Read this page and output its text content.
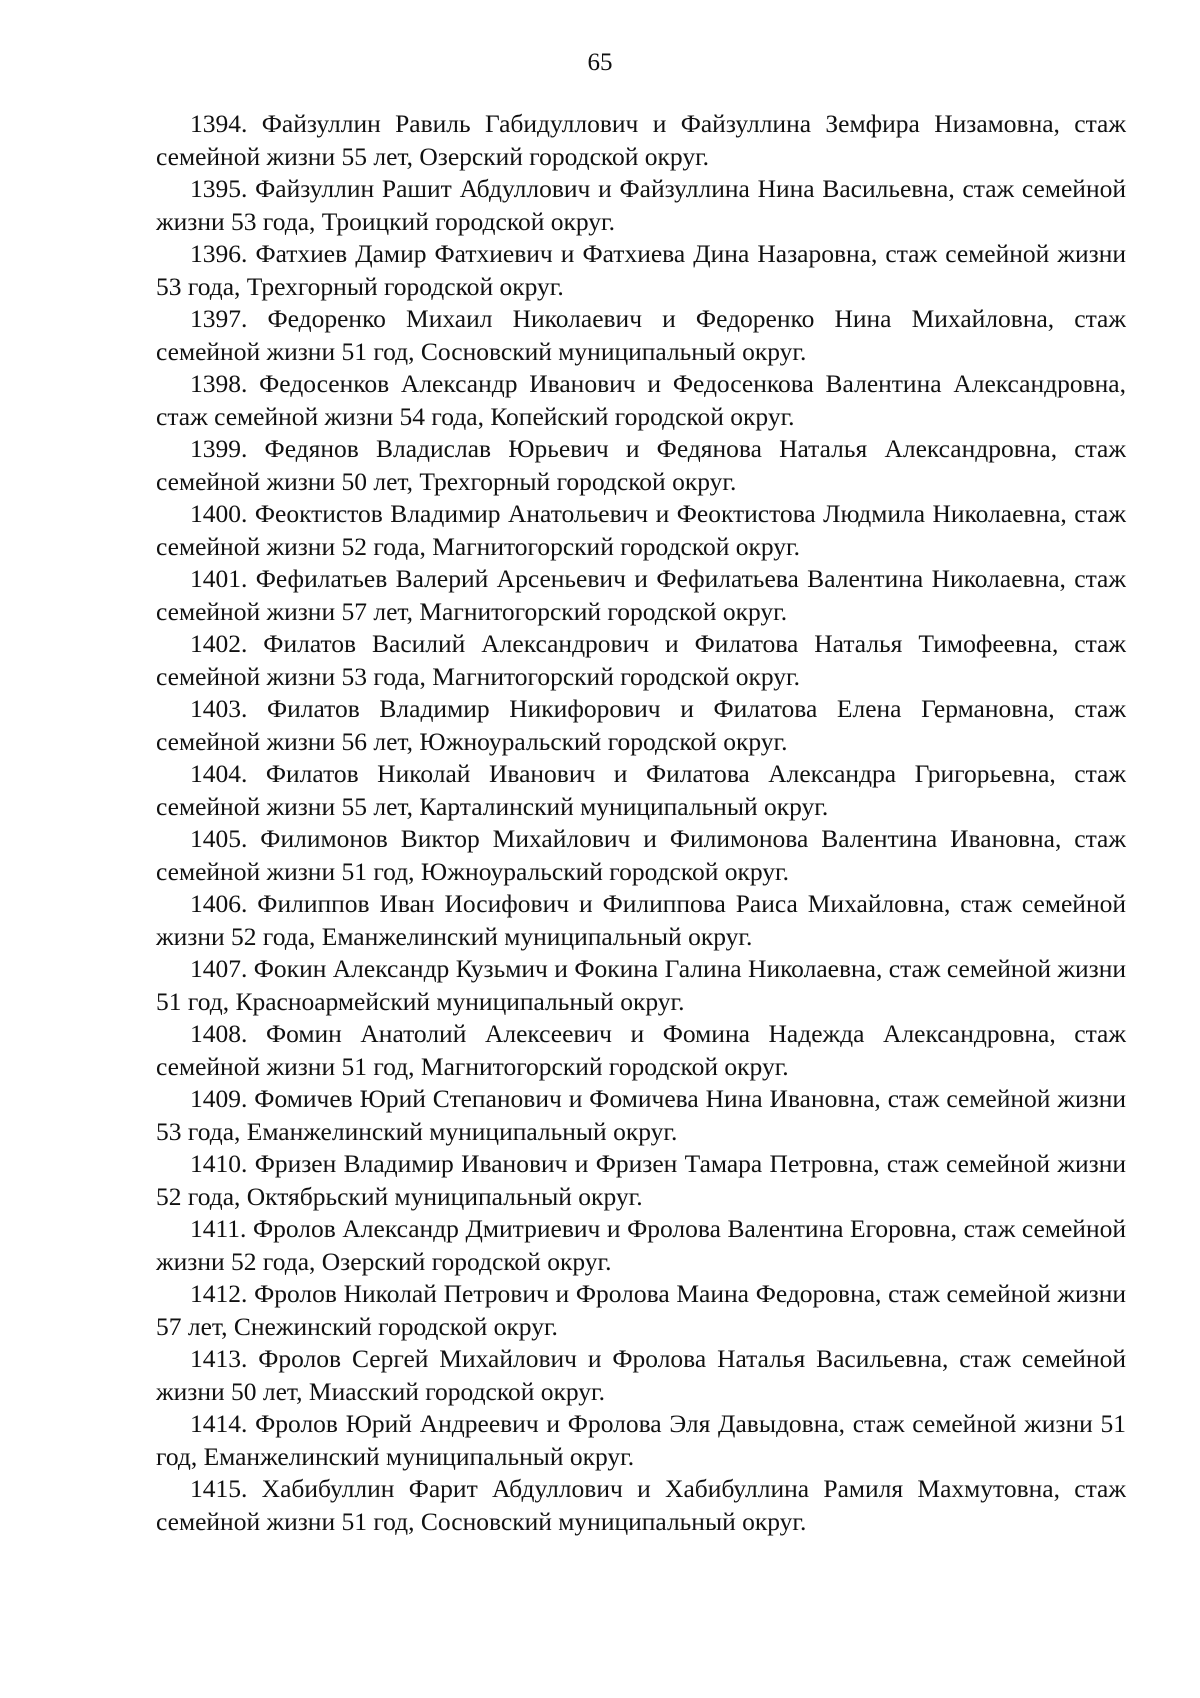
65

1394. Файзуллин Равиль Габидуллович и Файзуллина Земфира Низамовна, стаж семейной жизни 55 лет, Озерский городской округ.

1395. Файзуллин Рашит Абдуллович и Файзуллина Нина Васильевна, стаж семейной жизни 53 года, Троицкий городской округ.

1396. Фатхиев Дамир Фатхиевич и Фатхиева Дина Назаровна, стаж семейной жизни 53 года, Трехгорный городской округ.

1397. Федоренко Михаил Николаевич и Федоренко Нина Михайловна, стаж семейной жизни 51 год, Сосновский муниципальный округ.

1398. Федосенков Александр Иванович и Федосенкова Валентина Александровна, стаж семейной жизни 54 года, Копейский городской округ.

1399. Федянов Владислав Юрьевич и Федянова Наталья Александровна, стаж семейной жизни 50 лет, Трехгорный городской округ.

1400. Феоктистов Владимир Анатольевич и Феоктистова Людмила Николаевна, стаж семейной жизни 52 года, Магнитогорский городской округ.

1401. Фефилатьев Валерий Арсеньевич и Фефилатьева Валентина Николаевна, стаж семейной жизни 57 лет, Магнитогорский городской округ.

1402. Филатов Василий Александрович и Филатова Наталья Тимофеевна, стаж семейной жизни 53 года, Магнитогорский городской округ.

1403. Филатов Владимир Никифорович и Филатова Елена Германовна, стаж семейной жизни 56 лет, Южноуральский городской округ.

1404. Филатов Николай Иванович и Филатова Александра Григорьевна, стаж семейной жизни 55 лет, Карталинский муниципальный округ.

1405. Филимонов Виктор Михайлович и Филимонова Валентина Ивановна, стаж семейной жизни 51 год, Южноуральский городской округ.

1406. Филиппов Иван Иосифович и Филиппова Раиса Михайловна, стаж семейной жизни 52 года, Еманжелинский муниципальный округ.

1407. Фокин Александр Кузьмич и Фокина Галина Николаевна, стаж семейной жизни 51 год, Красноармейский муниципальный округ.

1408. Фомин Анатолий Алексеевич и Фомина Надежда Александровна, стаж семейной жизни 51 год, Магнитогорский городской округ.

1409. Фомичев Юрий Степанович и Фомичева Нина Ивановна, стаж семейной жизни 53 года, Еманжелинский муниципальный округ.

1410. Фризен Владимир Иванович и Фризен Тамара Петровна, стаж семейной жизни 52 года, Октябрьский муниципальный округ.

1411. Фролов Александр Дмитриевич и Фролова Валентина Егоровна, стаж семейной жизни 52 года, Озерский городской округ.

1412. Фролов Николай Петрович и Фролова Маина Федоровна, стаж семейной жизни 57 лет, Снежинский городской округ.

1413. Фролов Сергей Михайлович и Фролова Наталья Васильевна, стаж семейной жизни 50 лет, Миасский городской округ.

1414. Фролов Юрий Андреевич и Фролова Эля Давыдовна, стаж семейной жизни 51 год, Еманжелинский муниципальный округ.

1415. Хабибуллин Фарит Абдуллович и Хабибуллина Рамиля Махмутовна, стаж семейной жизни 51 год, Сосновский муниципальный округ.
